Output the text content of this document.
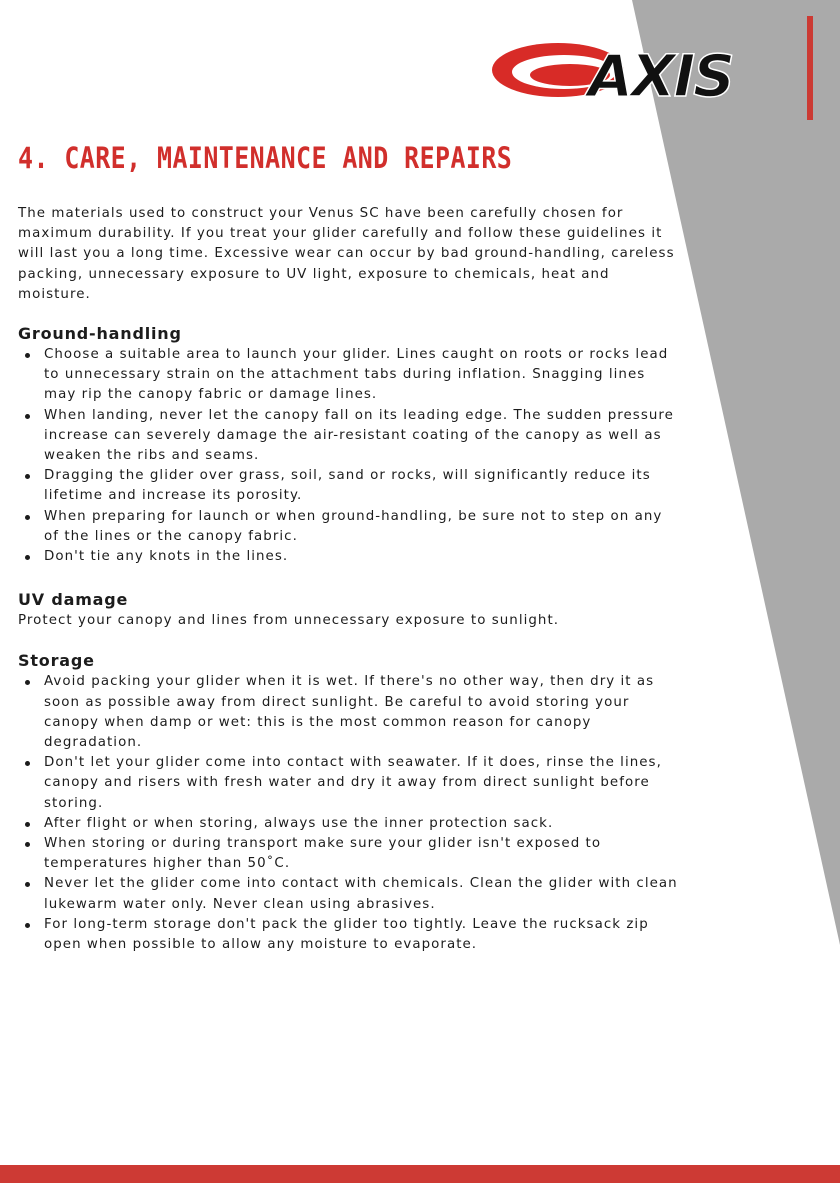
AXIS
4. CARE, MAINTENANCE AND REPAIRS

The materials used to construct your Venus SC have been carefully chosen for maximum durability. If you treat your glider carefully and follow these guidelines it will last you a long time. Excessive wear can occur by bad ground-handling, careless packing, unnecessary exposure to UV light, exposure to chemicals, heat and moisture.

Ground-handling
Choose a suitable area to launch your glider. Lines caught on roots or rocks lead to unnecessary strain on the attachment tabs during inflation. Snagging lines may rip the canopy fabric or damage lines.
When landing, never let the canopy fall on its leading edge. The sudden pressure increase can severely damage the air-resistant coating of the canopy as well as weaken the ribs and seams.
Dragging the glider over grass, soil, sand or rocks, will significantly reduce its lifetime and increase its porosity.
When preparing for launch or when ground-handling, be sure not to step on any of the lines or the canopy fabric.
Don't tie any knots in the lines.
UV damage

Protect your canopy and lines from unnecessary exposure to sunlight.

Storage
Avoid packing your glider when it is wet. If there's no other way, then dry it as soon as possible away from direct sunlight. Be careful to avoid storing your canopy when damp or wet: this is the most common reason for canopy degradation.
Don't let your glider come into contact with seawater. If it does, rinse the lines, canopy and risers with fresh water and dry it away from direct sunlight before storing.
After flight or when storing, always use the inner protection sack.
When storing or during transport make sure your glider isn't exposed to temperatures higher than 50˚C.
Never let the glider come into contact with chemicals. Clean the glider with clean lukewarm water only. Never clean using abrasives.
For long-term storage don't pack the glider too tightly. Leave the rucksack zip open when possible to allow any moisture to evaporate.
